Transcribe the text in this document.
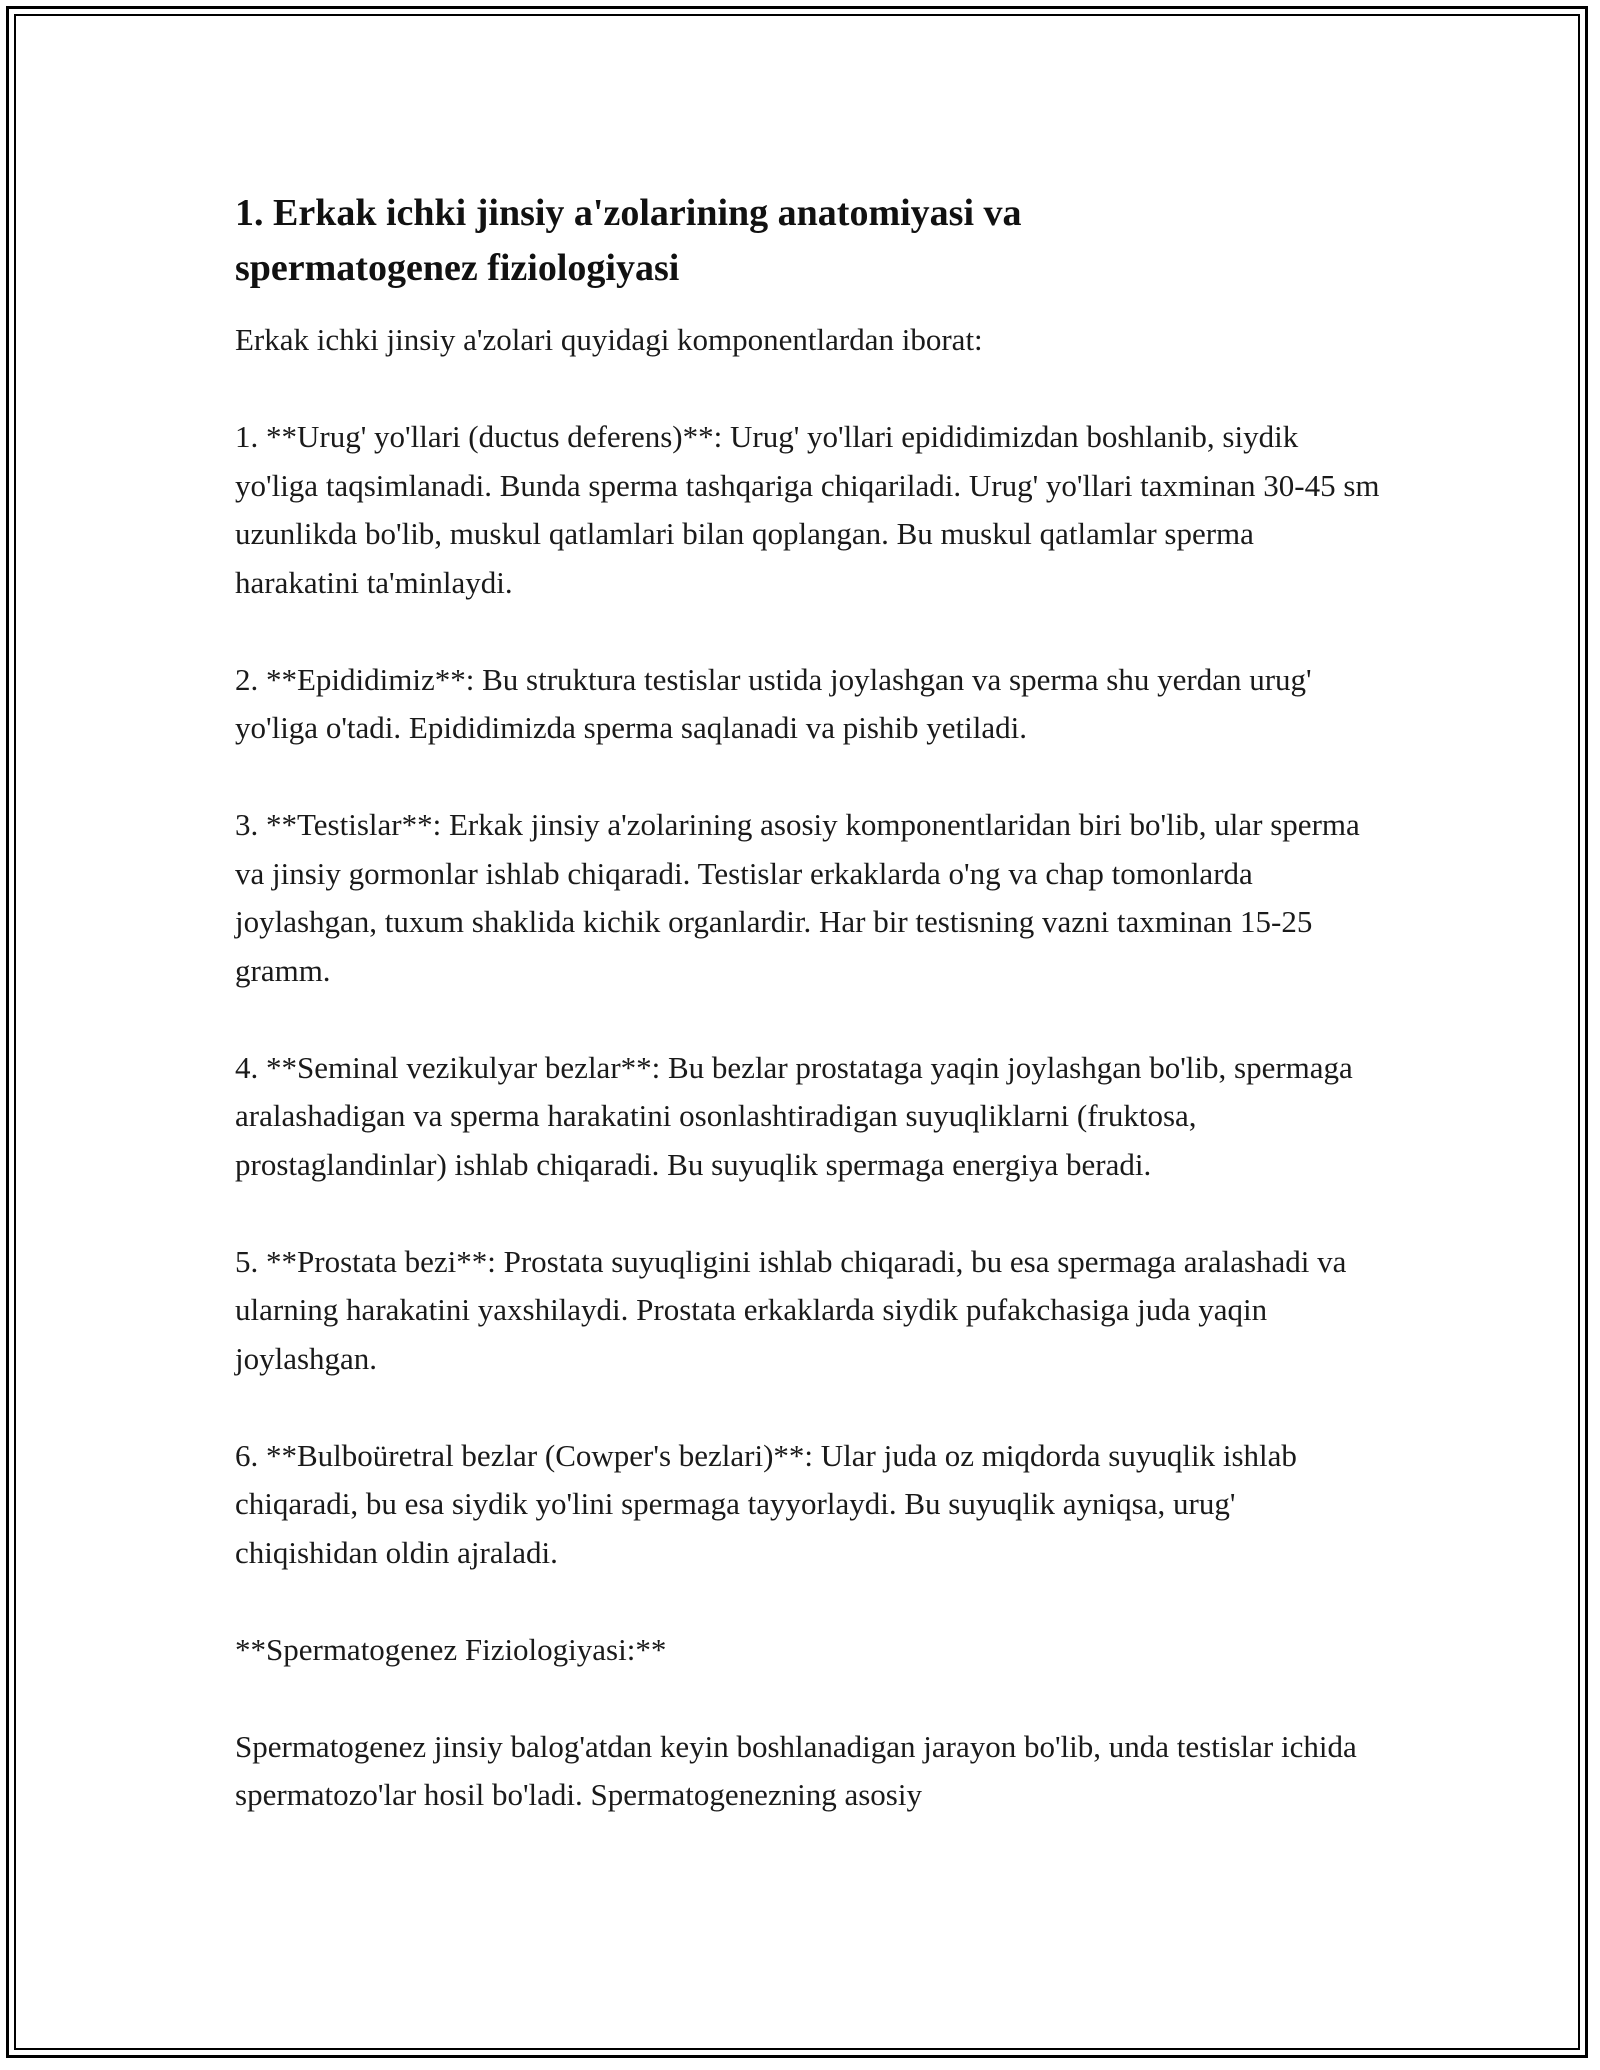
1. Erkak ichki jinsiy a'zolarining anatomiyasi va
spermatogenez fiziologiyasi

Erkak ichki jinsiy a'zolari quyidagi komponentlardan iborat:

1. **Urug' yo'llari (ductus deferens)**: Urug' yo'llari epididimizdan boshlanib, siydik yo'liga taqsimlanadi. Bunda sperma tashqariga chiqariladi. Urug' yo'llari taxminan 30-45 sm uzunlikda bo'lib, muskul qatlamlari bilan qoplangan. Bu muskul qatlamlar sperma harakatini ta'minlaydi.

2. **Epididimiz**: Bu struktura testislar ustida joylashgan va sperma shu yerdan urug' yo'liga o'tadi. Epididimizda sperma saqlanadi va pishib yetiladi.

3. **Testislar**: Erkak jinsiy a'zolarining asosiy komponentlaridan biri bo'lib, ular sperma va jinsiy gormonlar ishlab chiqaradi. Testislar erkaklarda o'ng va chap tomonlarda joylashgan, tuxum shaklida kichik organlardir. Har bir testisning vazni taxminan 15-25 gramm.

4. **Seminal vezikulyar bezlar**: Bu bezlar prostataga yaqin joylashgan bo'lib, spermaga aralashadigan va sperma harakatini osonlashtiradigan suyuqliklarni (fruktosa, prostaglandinlar) ishlab chiqaradi. Bu suyuqlik spermaga energiya beradi.

5. **Prostata bezi**: Prostata suyuqligini ishlab chiqaradi, bu esa spermaga aralashadi va ularning harakatini yaxshilaydi. Prostata erkaklarda siydik pufakchasiga juda yaqin joylashgan.

6. **Bulboüretral bezlar (Cowper's bezlari)**: Ular juda oz miqdorda suyuqlik ishlab chiqaradi, bu esa siydik yo'lini spermaga tayyorlaydi. Bu suyuqlik ayniqsa, urug' chiqishidan oldin ajraladi.

**Spermatogenez Fiziologiyasi:**

Spermatogenez jinsiy balog'atdan keyin boshlanadigan jarayon bo'lib, unda testislar ichida spermatozo'lar hosil bo'ladi. Spermatogenezning asosiy
